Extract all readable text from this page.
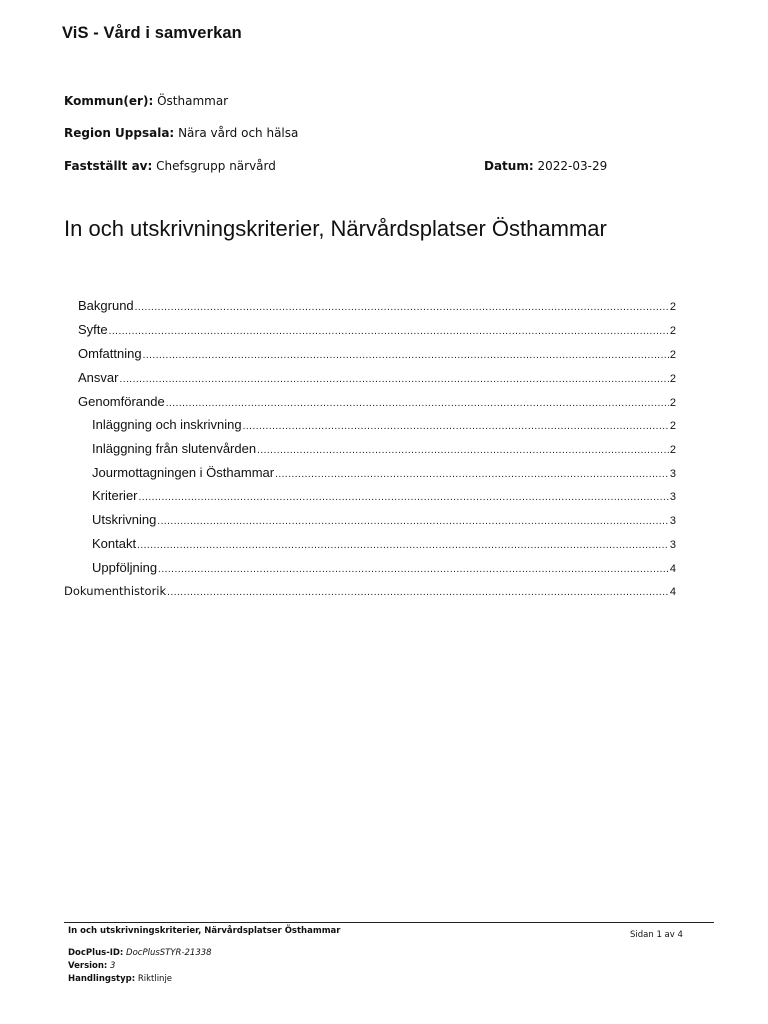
ViS - Vård i samverkan
Kommun(er): Östhammar
Region Uppsala: Nära vård och hälsa
Fastställt av: Chefsgrupp närvård	Datum: 2022-03-29
In och utskrivningskriterier, Närvårdsplatser Östhammar
Bakgrund .....	2
Syfte .....	2
Omfattning .....	2
Ansvar .....	2
Genomförande .....	2
Inläggning och inskrivning .....	2
Inläggning från slutenvården .....	2
Jourmottagningen i Östhammar .....	3
Kriterier .....	3
Utskrivning .....	3
Kontakt .....	3
Uppföljning .....	4
Dokumenthistorik .....	4
In och utskrivningskriterier, Närvårdsplatser Östhammar	Sidan 1 av 4
DocPlus-ID: DocPlusSTYR-21338
Version: 3
Handlingstyp: Riktlinje
